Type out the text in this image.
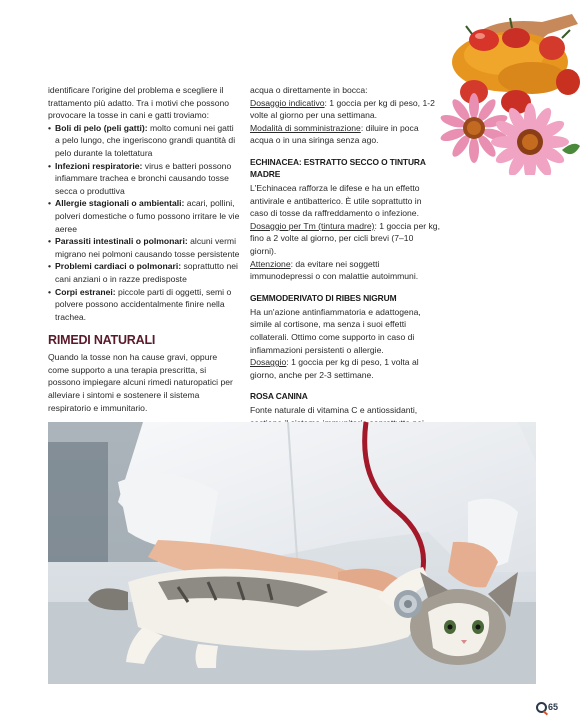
identificare l'origine del problema e scegliere il trattamento più adatto. Tra i motivi che possono provocare la tosse in cani e gatti troviamo:

• Boli di pelo (peli gatti): molto comuni nei gatti a pelo lungo, che ingeriscono grandi quantità di pelo durante la tolettatura
• Infezioni respiratorie: virus e batteri possono infiammare trachea e bronchi causando tosse secca o produttiva
• Allergie stagionali o ambientali: acari, pollini, polveri domestiche o fumo possono irritare le vie aeree
• Parassiti intestinali o polmonari: alcuni vermi migrano nei polmoni causando tosse persistente
• Problemi cardiaci o polmonari: soprattutto nei cani anziani o in razze predisposte
• Corpi estranei: piccole parti di oggetti, semi o polvere possono accidentalmente finire nella trachea.
RIMEDI NATURALI

Quando la tosse non ha cause gravi, oppure come supporto a una terapia prescritta, si possono impiegare alcuni rimedi naturopatici per alleviare i sintomi e sostenere il sistema respiratorio e immunitario.

acqua o direttamente in bocca:

Dosaggio indicativo: 1 goccia per kg di peso, 1-2 volte al giorno per una settimana.

Modalità di somministrazione: diluire in poca acqua o in una siringa senza ago.

ECHINACEA: ESTRATTO SECCO O TINTURA MADRE

L'Echinacea rafforza le difese e ha un effetto antivirale e antibatterico. È utile soprattutto in caso di tosse da raffreddamento o infezione.

Dosaggio per Tm (tintura madre): 1 goccia per kg, fino a 2 volte al giorno, per cicli brevi (7–10 giorni).

Attenzione: da evitare nei soggetti immunodepressi o con malattie autoimmuni.

GEMMODERIVATO DI RIBES NIGRUM

Ha un'azione antinfiammatoria e adattogena, simile al cortisone, ma senza i suoi effetti collaterali. Ottimo come supporto in caso di infiammazioni persistenti o allergie.

Dosaggio: 1 goccia per kg di peso, 1 volta al giorno, anche per 2-3 settimane.

ROSA CANINA

Fonte naturale di vitamina C e antiossidanti,

65
